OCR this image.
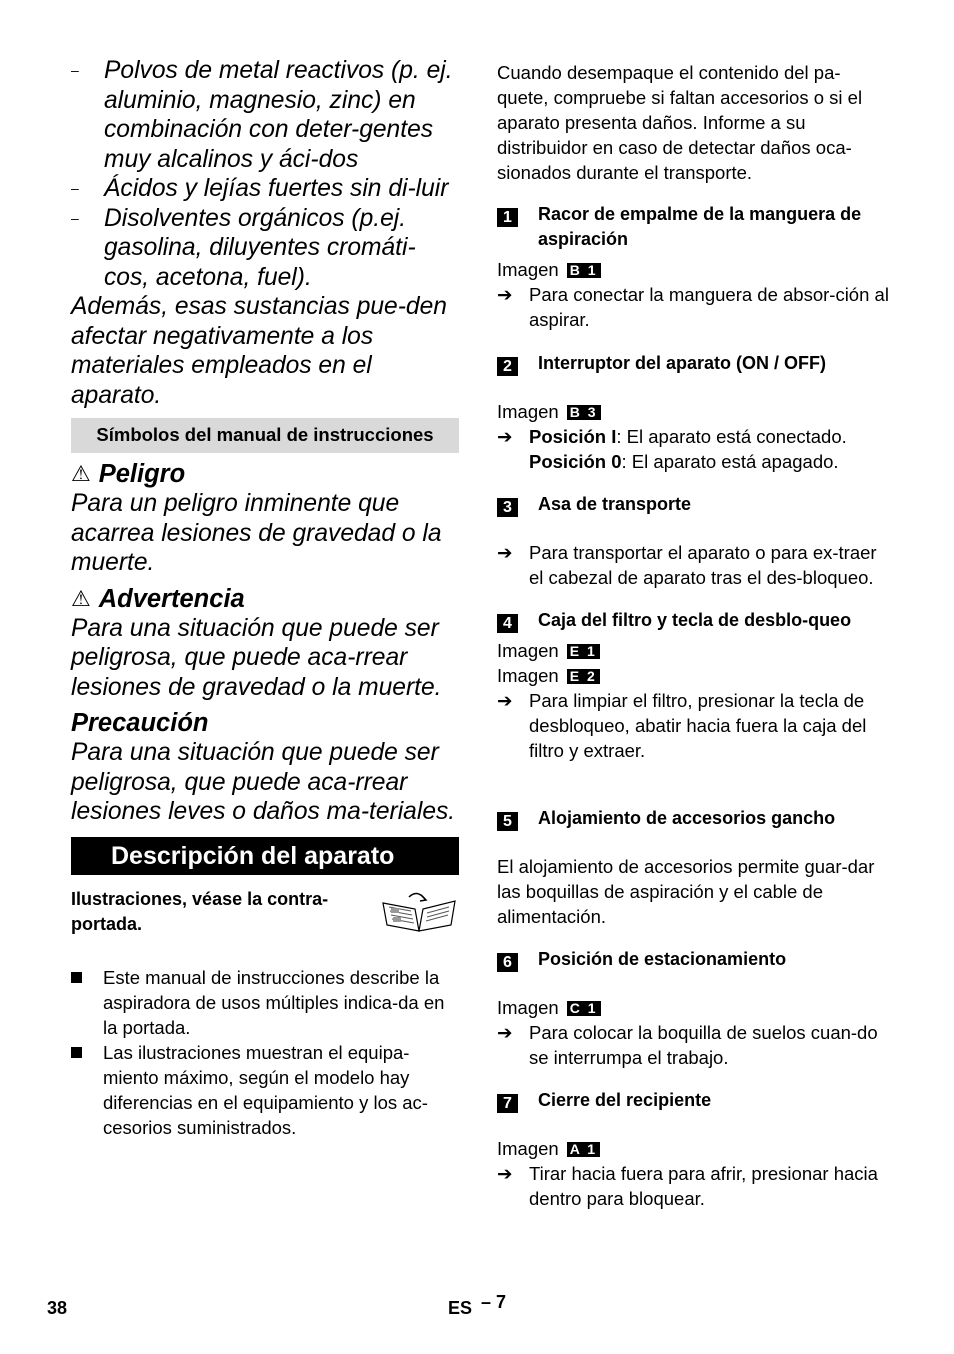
– Polvos de metal reactivos (p. ej. aluminio, magnesio, zinc) en combinación con deter-gentes muy alcalinos y áci-dos
– Ácidos y lejías fuertes sin di-luir
– Disolventes orgánicos (p.ej. gasolina, diluyentes cromáti-cos, acetona, fuel).

Además, esas sustancias pue-den afectar negativamente a los materiales empleados en el aparato.

Símbolos del manual de instrucciones
⚠ Peligro

Para un peligro inminente que acarrea lesiones de gravedad o la muerte.

⚠ Advertencia

Para una situación que puede ser peligrosa, que puede aca-rrear lesiones de gravedad o la muerte.

Precaución

Para una situación que puede ser peligrosa, que puede aca-rrear lesiones leves o daños ma-teriales.

Descripción del aparato
Ilustraciones, véase la contra-portada.
Este manual de instrucciones describe la aspiradora de usos múltiples indica-da en la portada.
Las ilustraciones muestran el equipa-miento máximo, según el modelo hay diferencias en el equipamiento y los ac-cesorios suministrados.

Cuando desempaque el contenido del pa-quete, compruebe si faltan accesorios o si el aparato presenta daños. Informe a su distribuidor en caso de detectar daños oca-sionados durante el transporte.

1	Racor de empalme de la manguera de aspiración
Imagen B 1
➔ Para conectar la manguera de absor-ción al aspirar.
2	Interruptor del aparato (ON / OFF)
Imagen B 3
➔ Posición I: El aparato está conectado.
Posición 0: El aparato está apagado.
3	Asa de transporte
➔ Para transportar el aparato o para ex-traer el cabezal de aparato tras el des-bloqueo.
4	Caja del filtro y tecla de desblo-queo
Imagen E 1
Imagen E 2
➔ Para limpiar el filtro, presionar la tecla de desbloqueo, abatir hacia fuera la caja del filtro y extraer.
5	Alojamiento de accesorios gancho

El alojamiento de accesorios permite guar-dar las boquillas de aspiración y el cable de alimentación.

6	Posición de estacionamiento
Imagen C 1
➔ Para colocar la boquilla de suelos cuan-do se interrumpa el trabajo.
7	Cierre del recipiente
Imagen A 1
➔ Tirar hacia fuera para afrir, presionar hacia dentro para bloquear.
38	ES – 7
